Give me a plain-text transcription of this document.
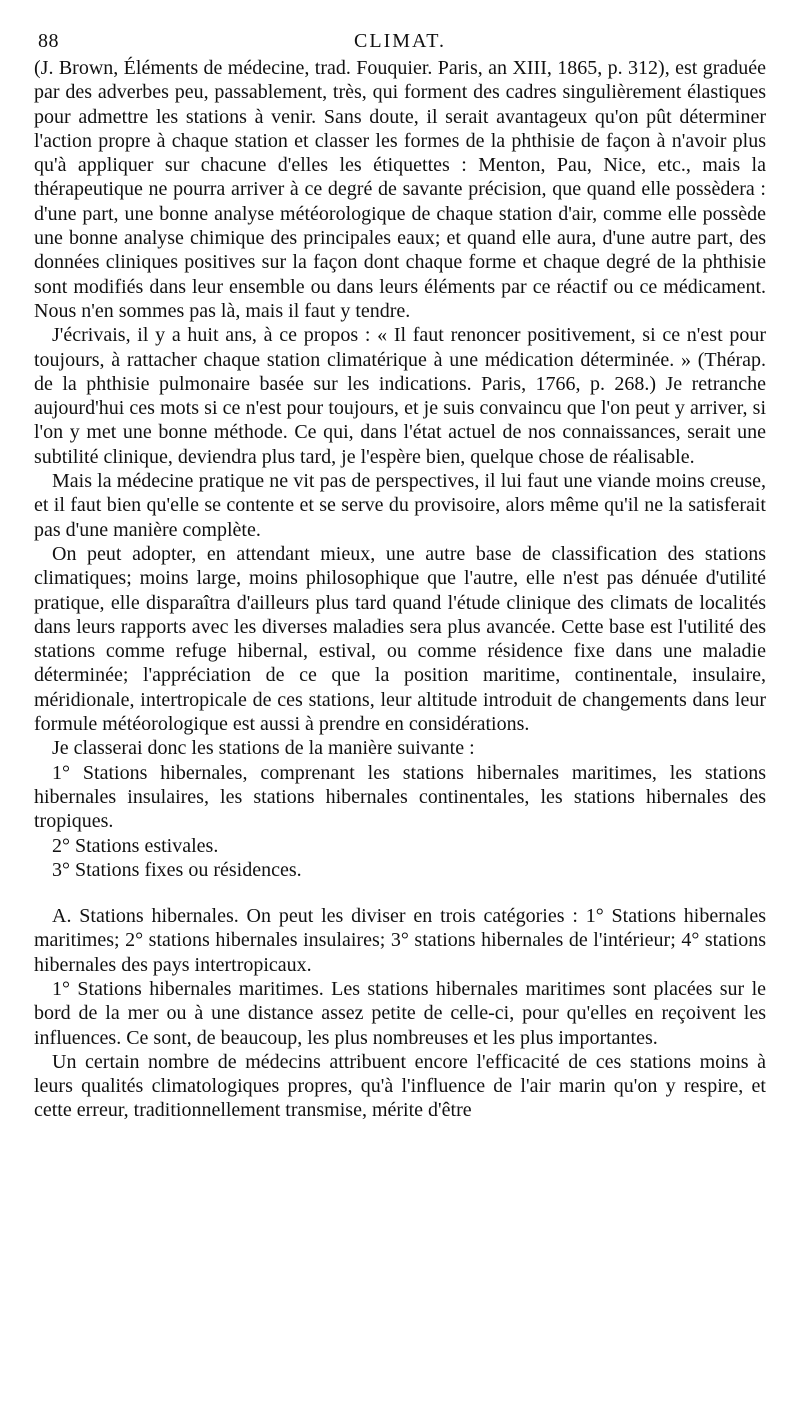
88	CLIMAT.

(J. Brown, Éléments de médecine, trad. Fouquier. Paris, an XIII, 1865, p. 312), est graduée par des adverbes peu, passablement, très, qui forment des cadres singulièrement élastiques pour admettre les stations à venir. Sans doute, il serait avantageux qu'on pût déterminer l'action propre à chaque station et classer les formes de la phthisie de façon à n'avoir plus qu'à appliquer sur chacune d'elles les étiquettes : Menton, Pau, Nice, etc., mais la thérapeutique ne pourra arriver à ce degré de savante précision, que quand elle possèdera : d'une part, une bonne analyse météorologique de chaque station d'air, comme elle possède une bonne analyse chimique des principales eaux; et quand elle aura, d'une autre part, des données cliniques positives sur la façon dont chaque forme et chaque degré de la phthisie sont modifiés dans leur ensemble ou dans leurs éléments par ce réactif ou ce médicament. Nous n'en sommes pas là, mais il faut y tendre.

J'écrivais, il y a huit ans, à ce propos : « Il faut renoncer positivement, si ce n'est pour toujours, à rattacher chaque station climatérique à une médication déterminée. » (Thérap. de la phthisie pulmonaire basée sur les indications. Paris, 1766, p. 268.) Je retranche aujourd'hui ces mots si ce n'est pour toujours, et je suis convaincu que l'on peut y arriver, si l'on y met une bonne méthode. Ce qui, dans l'état actuel de nos connaissances, serait une subtilité clinique, deviendra plus tard, je l'espère bien, quelque chose de réalisable.

Mais la médecine pratique ne vit pas de perspectives, il lui faut une viande moins creuse, et il faut bien qu'elle se contente et se serve du provisoire, alors même qu'il ne la satisferait pas d'une manière complète.

On peut adopter, en attendant mieux, une autre base de classification des stations climatiques; moins large, moins philosophique que l'autre, elle n'est pas dénuée d'utilité pratique, elle disparaîtra d'ailleurs plus tard quand l'étude clinique des climats de localités dans leurs rapports avec les diverses maladies sera plus avancée. Cette base est l'utilité des stations comme refuge hibernal, estival, ou comme résidence fixe dans une maladie déterminée; l'appréciation de ce que la position maritime, continentale, insulaire, méridionale, intertropicale de ces stations, leur altitude introduit de changements dans leur formule météorologique est aussi à prendre en considérations.

Je classerai donc les stations de la manière suivante :

1° Stations hibernales, comprenant les stations hibernales maritimes, les stations hibernales insulaires, les stations hibernales continentales, les stations hibernales des tropiques.

2° Stations estivales.

3° Stations fixes ou résidences.

A. Stations hibernales. On peut les diviser en trois catégories : 1° Stations hibernales maritimes; 2° stations hibernales insulaires; 3° stations hibernales de l'intérieur; 4° stations hibernales des pays intertropicaux.

1° Stations hibernales maritimes. Les stations hibernales maritimes sont placées sur le bord de la mer ou à une distance assez petite de celle-ci, pour qu'elles en reçoivent les influences. Ce sont, de beaucoup, les plus nombreuses et les plus importantes.

Un certain nombre de médecins attribuent encore l'efficacité de ces stations moins à leurs qualités climatologiques propres, qu'à l'influence de l'air marin qu'on y respire, et cette erreur, traditionnellement transmise, mérite d'être
